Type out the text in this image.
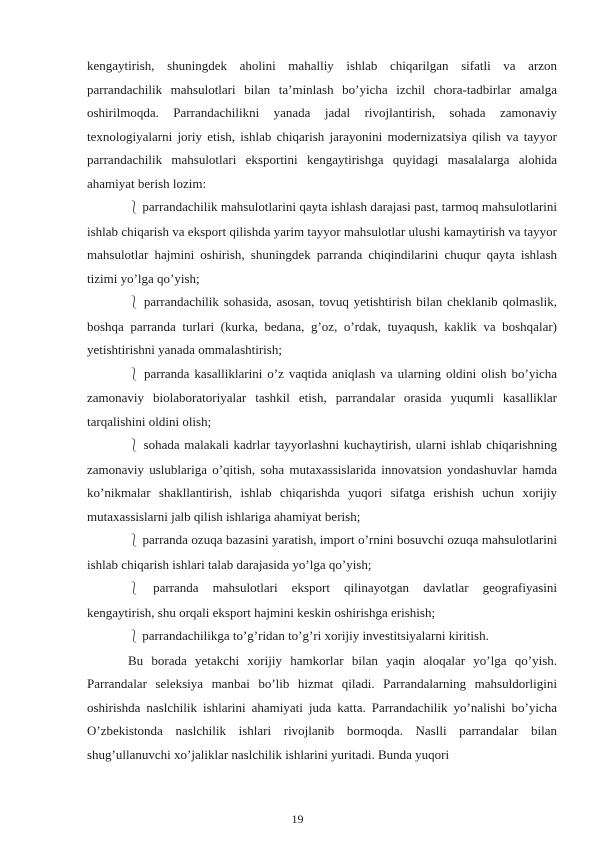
kengaytirish, shuningdek aholini mahalliy ishlab chiqarilgan sifatli va arzon parrandachilik mahsulotlari bilan ta’minlash bo’yicha izchil chora-tadbirlar amalga oshirilmoqda. Parrandachilikni yanada jadal rivojlantirish, sohada zamonaviy texnologiyalarni joriy etish, ishlab chiqarish jarayonini modernizatsiya qilish va tayyor parrandachilik mahsulotlari eksportini kengaytirishga quyidagi masalalarga alohida ahamiyat berish lozim:

⎱ parrandachilik mahsulotlarini qayta ishlash darajasi past, tarmoq mahsulotlarini ishlab chiqarish va eksport qilishda yarim tayyor mahsulotlar ulushi kamaytirish va tayyor mahsulotlar hajmini oshirish, shuningdek parranda chiqindilarini chuqur qayta ishlash tizimi yo’lga qo’yish;

⎱ parrandachilik sohasida, asosan, tovuq yetishtirish bilan cheklanib qolmaslik, boshqa parranda turlari (kurka, bedana, g’oz, o’rdak, tuyaqush, kaklik va boshqalar) yetishtirishni yanada ommalashtirish;

⎱ parranda kasalliklarini o’z vaqtida aniqlash va ularning oldini olish bo’yicha zamonaviy biolaboratoriyalar tashkil etish, parrandalar orasida yuqumli kasalliklar tarqalishini oldini olish;

⎱ sohada malakali kadrlar tayyorlashni kuchaytirish, ularni ishlab chiqarishning zamonaviy uslublariga o’qitish, soha mutaxassislarida innovatsion yondashuvlar hamda ko’nikmalar shakllantirish, ishlab chiqarishda yuqori sifatga erishish uchun xorijiy mutaxassislarni jalb qilish ishlariga ahamiyat berish;

⎱ parranda ozuqa bazasini yaratish, import o’rnini bosuvchi ozuqa mahsulotlarini ishlab chiqarish ishlari talab darajasida yo’lga qo’yish;

⎱ parranda mahsulotlari eksport qilinayotgan davlatlar geografiyasini kengaytirish, shu orqali eksport hajmini keskin oshirishga erishish;

⎱ parrandachilikga to’g’ridan to’g’ri xorijiy investitsiyalarni kiritish.

Bu borada yetakchi xorijiy hamkorlar bilan yaqin aloqalar yo’lga qo’yish. Parrandalar seleksiya manbai bo’lib hizmat qiladi. Parrandalarning mahsuldorligini oshirishda naslchilik ishlarini ahamiyati juda katta. Parrandachilik yo’nalishi bo’yicha O’zbekistonda naslchilik ishlari rivojlanib bormoqda. Naslli parrandalar bilan shug’ullanuvchi xo’jaliklar naslchilik ishlarini yuritadi. Bunda yuqori

19
